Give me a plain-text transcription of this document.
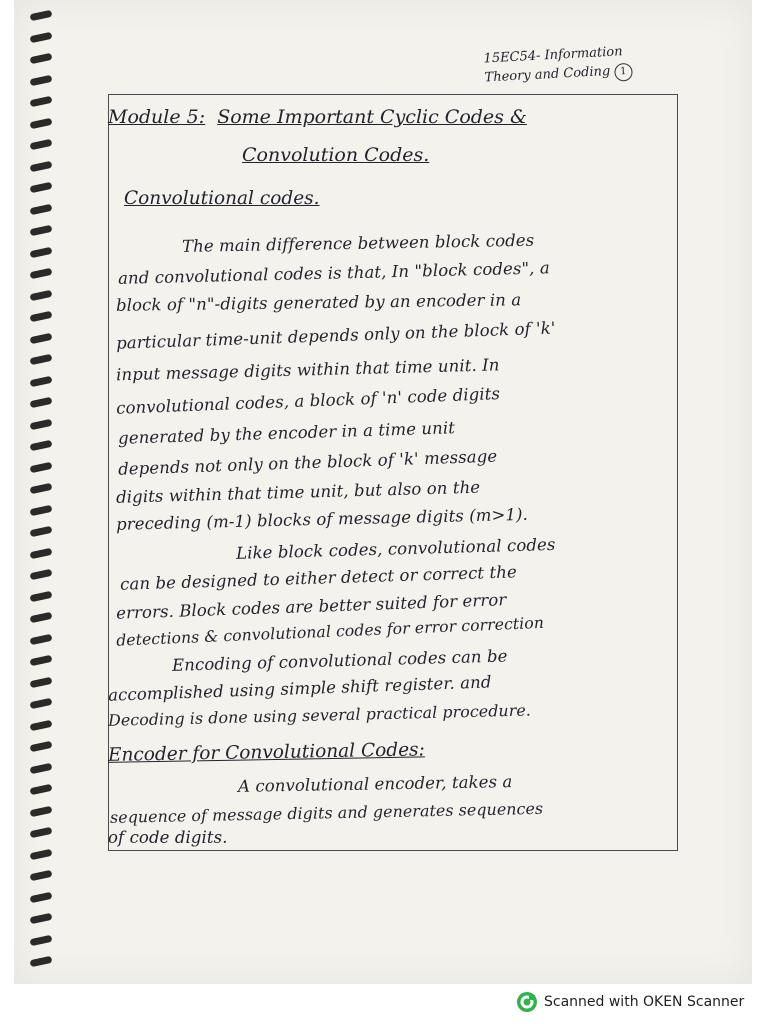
15EC54- Information
Theory and Coding 1
Module 5: Some Important Cyclic Codes &
Convolution Codes.
Convolutional codes.
The main difference between block codes
and convolutional codes is that, In "block codes", a
block of "n"-digits generated by an encoder in a
particular time-unit depends only on the block of 'k'
input message digits within that time unit. In
convolutional codes, a block of 'n' code digits
generated by the encoder in a time unit
depends not only on the block of 'k' message
digits within that time unit, but also on the
preceding (m-1) blocks of message digits (m>1).
Like block codes, convolutional codes
can be designed to either detect or correct the
errors. Block codes are better suited for error
detections & convolutional codes for error correction
Encoding of convolutional codes can be
accomplished using simple shift register. and
Decoding is done using several practical procedure.
Encoder for Convolutional Codes:
A convolutional encoder, takes a
sequence of message digits and generates sequences
of code digits.
Scanned with OKEN Scanner
